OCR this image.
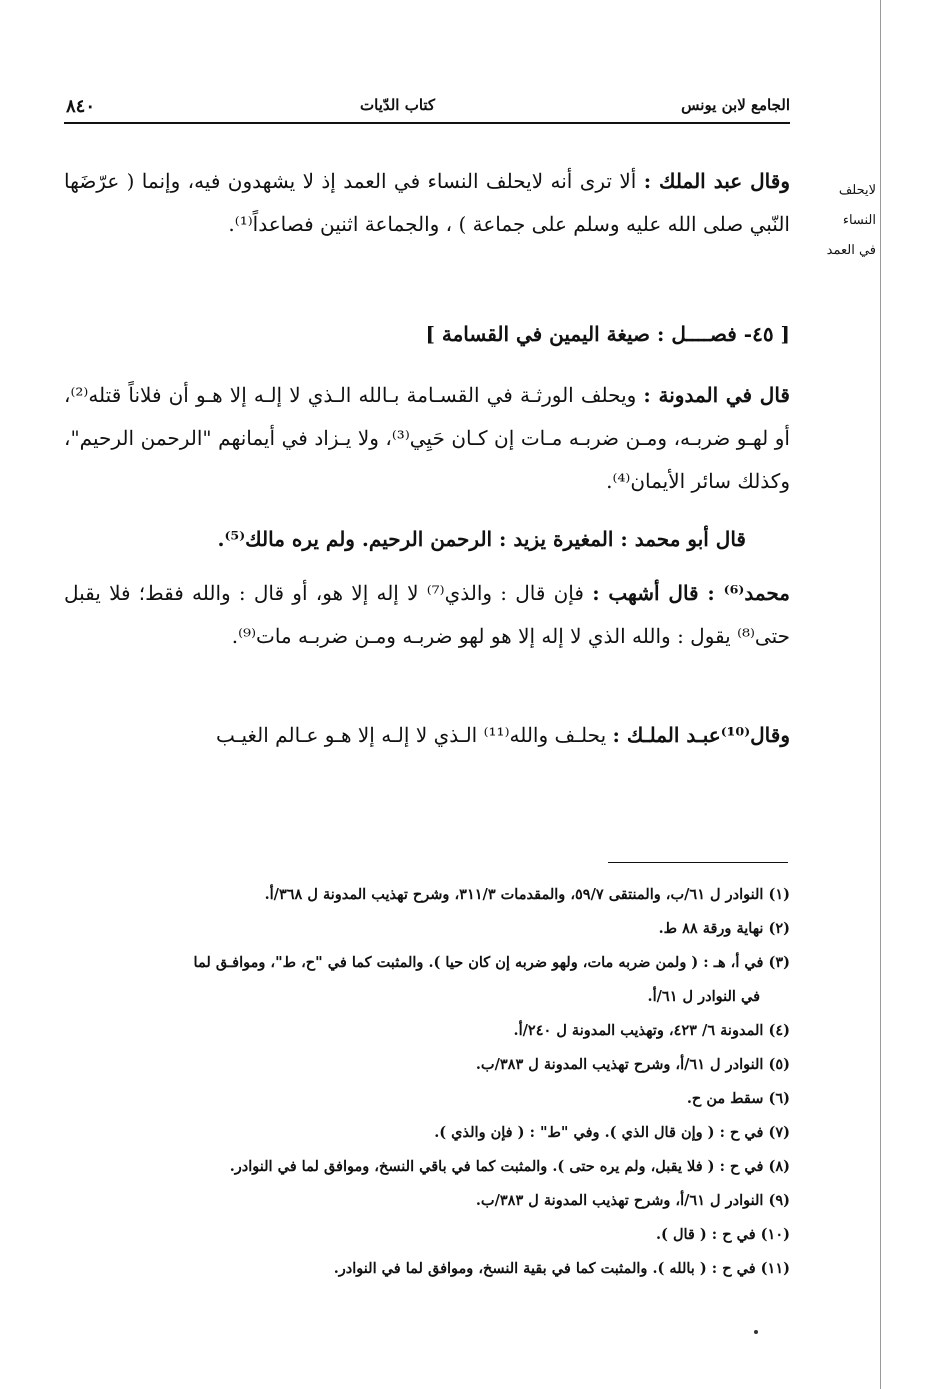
لايحلف النساء
في العمد
الجامع لابن يونس
كتاب الدّيات
٨٤٠
وقال عبد الملك : ألا ترى أنه لايحلف النساء في العمد إذ لا يشهدون فيه، وإنما ( عرّضَها النّبي صلى الله عليه وسلم على جماعة ) ، والجماعة اثنين فصاعداً⁽¹⁾.
[ ٤٥- فصــــل : صيغة اليمين في القسامة ]
قال في المدونة : ويحلف الورثـة في القسـامة بـالله الـذي لا إلـه إلا هـو أن فلاناً قتله⁽²⁾، أو لهـو ضربـه، ومـن ضربـه مـات إن كـان حَيِي⁽³⁾، ولا يـزاد في أيمانهم "الرحمن الرحيم"، وكذلك سائر الأيمان⁽⁴⁾.
قال أبو محمد : المغيرة يزيد : الرحمن الرحيم. ولم يره مالك⁽⁵⁾.
محمد⁽⁶⁾ : قال أشهب : فإن قال : والذي⁽⁷⁾ لا إله إلا هو، أو قال : والله فقط؛ فلا يقبل حتى⁽⁸⁾ يقول : والله الذي لا إله إلا هو لهو ضربـه ومـن ضربـه مات⁽⁹⁾.
وقال⁽¹⁰⁾عبـد الملـك : يحلـف والله⁽¹¹⁾ الـذي لا إلـه إلا هـو عـالم الغيـب
(١) النوادر ل ٦١/ب، والمنتقى ٥٩/٧، والمقدمات ٣١١/٣، وشرح تهذيب المدونة ل ٣٦٨/أ.
(٢) نهاية ورقة ٨٨ ط.
(٣) في أ، هـ : ( ولمن ضربه مات، ولهو ضربه إن كان حيا ). والمثبت كما في "ح، ط"، وموافـق لما
في النوادر ل ٦١/أ.
(٤) المدونة ٦/ ٤٢٣، وتهذيب المدونة ل ٢٤٠/أ.
(٥) النوادر ل ٦١/أ، وشرح تهذيب المدونة ل ٣٨٣/ب.
(٦) سقط من ح.
(٧) في ح : ( وإن قال الذي ). وفي "ط" : ( فإن والذي ).
(٨) في ح : ( فلا يقبل، ولم يره حتى ). والمثبت كما في باقي النسخ، وموافق لما في النوادر.
(٩) النوادر ل ٦١/أ، وشرح تهذيب المدونة ل ٣٨٣/ب.
(١٠) في ح : ( قال ).
(١١) في ح : ( بالله ). والمثبت كما في بقية النسخ، وموافق لما في النوادر.
